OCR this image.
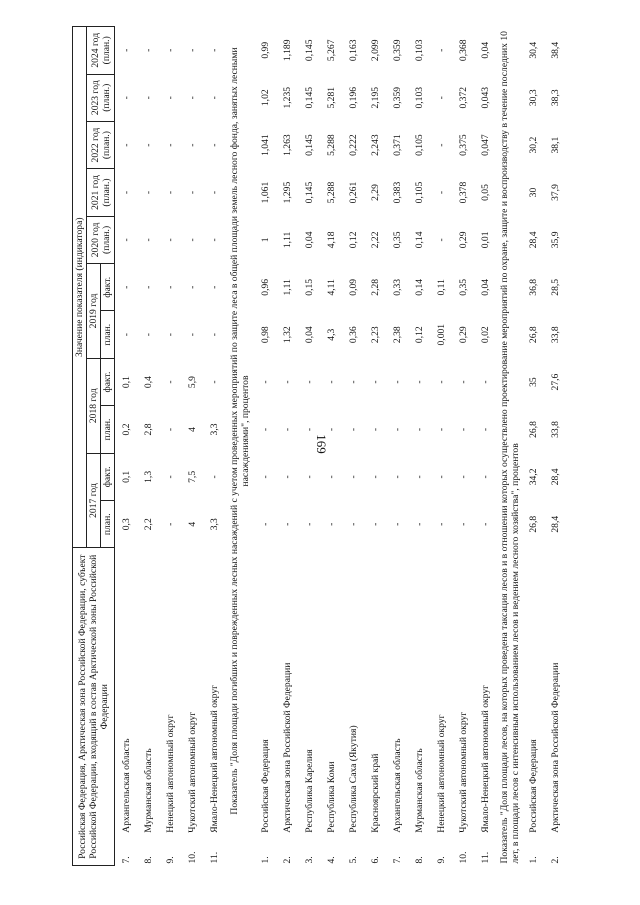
169
Российская Федерация, Арктическая зона Российской Федерации, субъект Российской Федерации, входящий в состав Арктической зоны Российской Федерации		Значение показателя (индикатора)										
		2017 год		2018 год		2019 год		2020 год (план.)	2021 год (план.)	2022 год (план.)	2023 год (план.)	2024 год (план.)
		план.	факт.	план.	факт.	план.	факт.					
7.	Архангельская область	0,3	0,1	0,2	0,1	-	-	-	-	-	-	-
8.	Мурманская область	2,2	1,3	2,8	0,4	-	-	-	-	-	-	-
9.	Ненецкий автономный округ	-	-	-	-	-	-	-	-	-	-	-
10.	Чукотский автономный округ	4	7,5	4	5,9	-	-	-	-	-	-	-
11.	Ямало-Ненецкий автономный округ	3,3	-	3,3	-	-	-	-	-	-	-	-
Показатель "Доля площади погибших и поврежденных лесных насаждений с учетом проведенных мероприятий по защите леса в общей площади земель лесного фонда, занятых лесными насаждениями", процентов												
1.	Российская Федерация	-	-	-	-	0,98	0,96	1	1,061	1,041	1,02	0,99
2.	Арктическая зона Российской Федерации	-	-	-	-	1,32	1,11	1,11	1,295	1,263	1,235	1,189
3.	Республика Карелия	-	-	-	-	0,04	0,15	0,04	0,145	0,145	0,145	0,145
4.	Республика Коми	-	-	-	-	4,3	4,11	4,18	5,288	5,288	5,281	5,267
5.	Республика Саха (Якутия)	-	-	-	-	0,36	0,09	0,12	0,261	0,222	0,196	0,163
6.	Красноярский край	-	-	-	-	2,23	2,28	2,22	2,29	2,243	2,195	2,099
7.	Архангельская область	-	-	-	-	2,38	0,33	0,35	0,383	0,371	0,359	0,359
8.	Мурманская область	-	-	-	-	0,12	0,14	0,14	0,105	0,105	0,103	0,103
9.	Ненецкий автономный округ	-	-	-	-	0,001	0,11	-	-	-	-	-
10.	Чукотский автономный округ	-	-	-	-	0,29	0,35	0,29	0,378	0,375	0,372	0,368
11.	Ямало-Ненецкий автономный округ	-	-	-	-	0,02	0,04	0,01	0,05	0,047	0,043	0,04
Показатель "Доля площади лесов, на которых проведена таксация лесов и в отношении которых осуществлено проектирование мероприятий по охране, защите и воспроизводству в течение последних 10 лет, в площади лесов с интенсивным использованием лесов и ведением лесного хозяйства", процентов												
1.	Российская Федерация	26,8	34,2	26,8	35	26,8	36,8	28,4	30	30,2	30,3	30,4
2.	Арктическая зона Российской Федерации	28,4	28,4	33,8	27,6	33,8	28,5	35,9	37,9	38,1	38,3	38,4
